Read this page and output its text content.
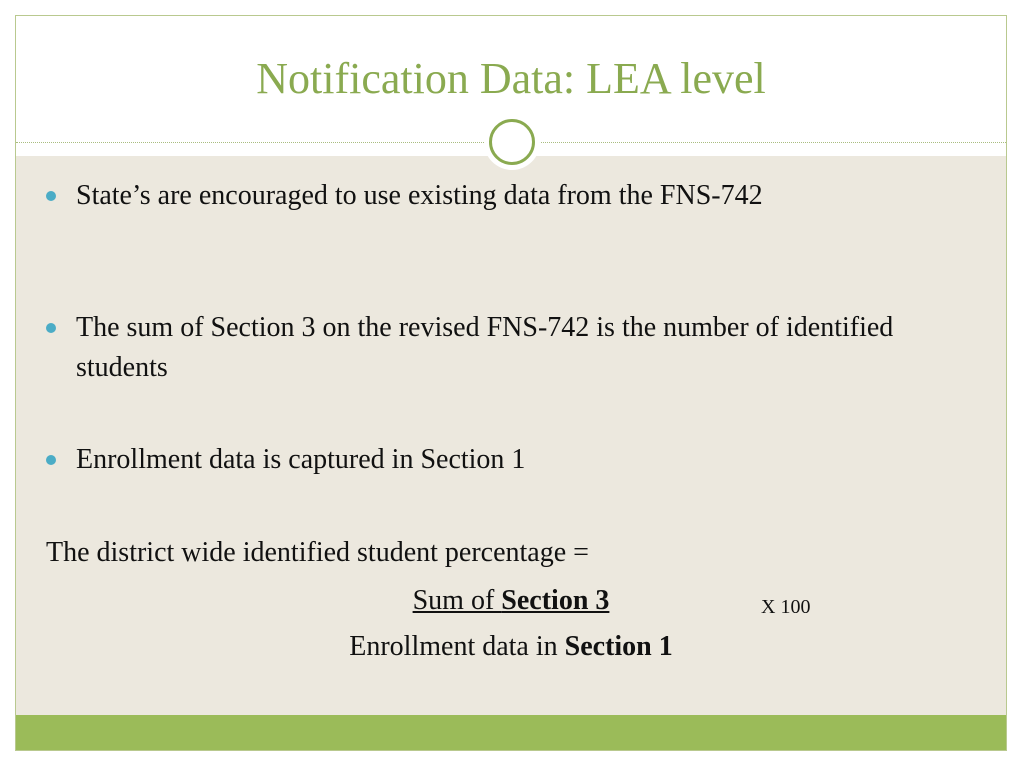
Notification Data: LEA level
State’s are encouraged to use existing data from the FNS-742
The sum of Section 3 on the revised FNS-742 is the number of identified students
Enrollment data is captured in Section 1
The district wide identified student percentage =
Sum of Section 3	X 100
Enrollment data in Section 1
